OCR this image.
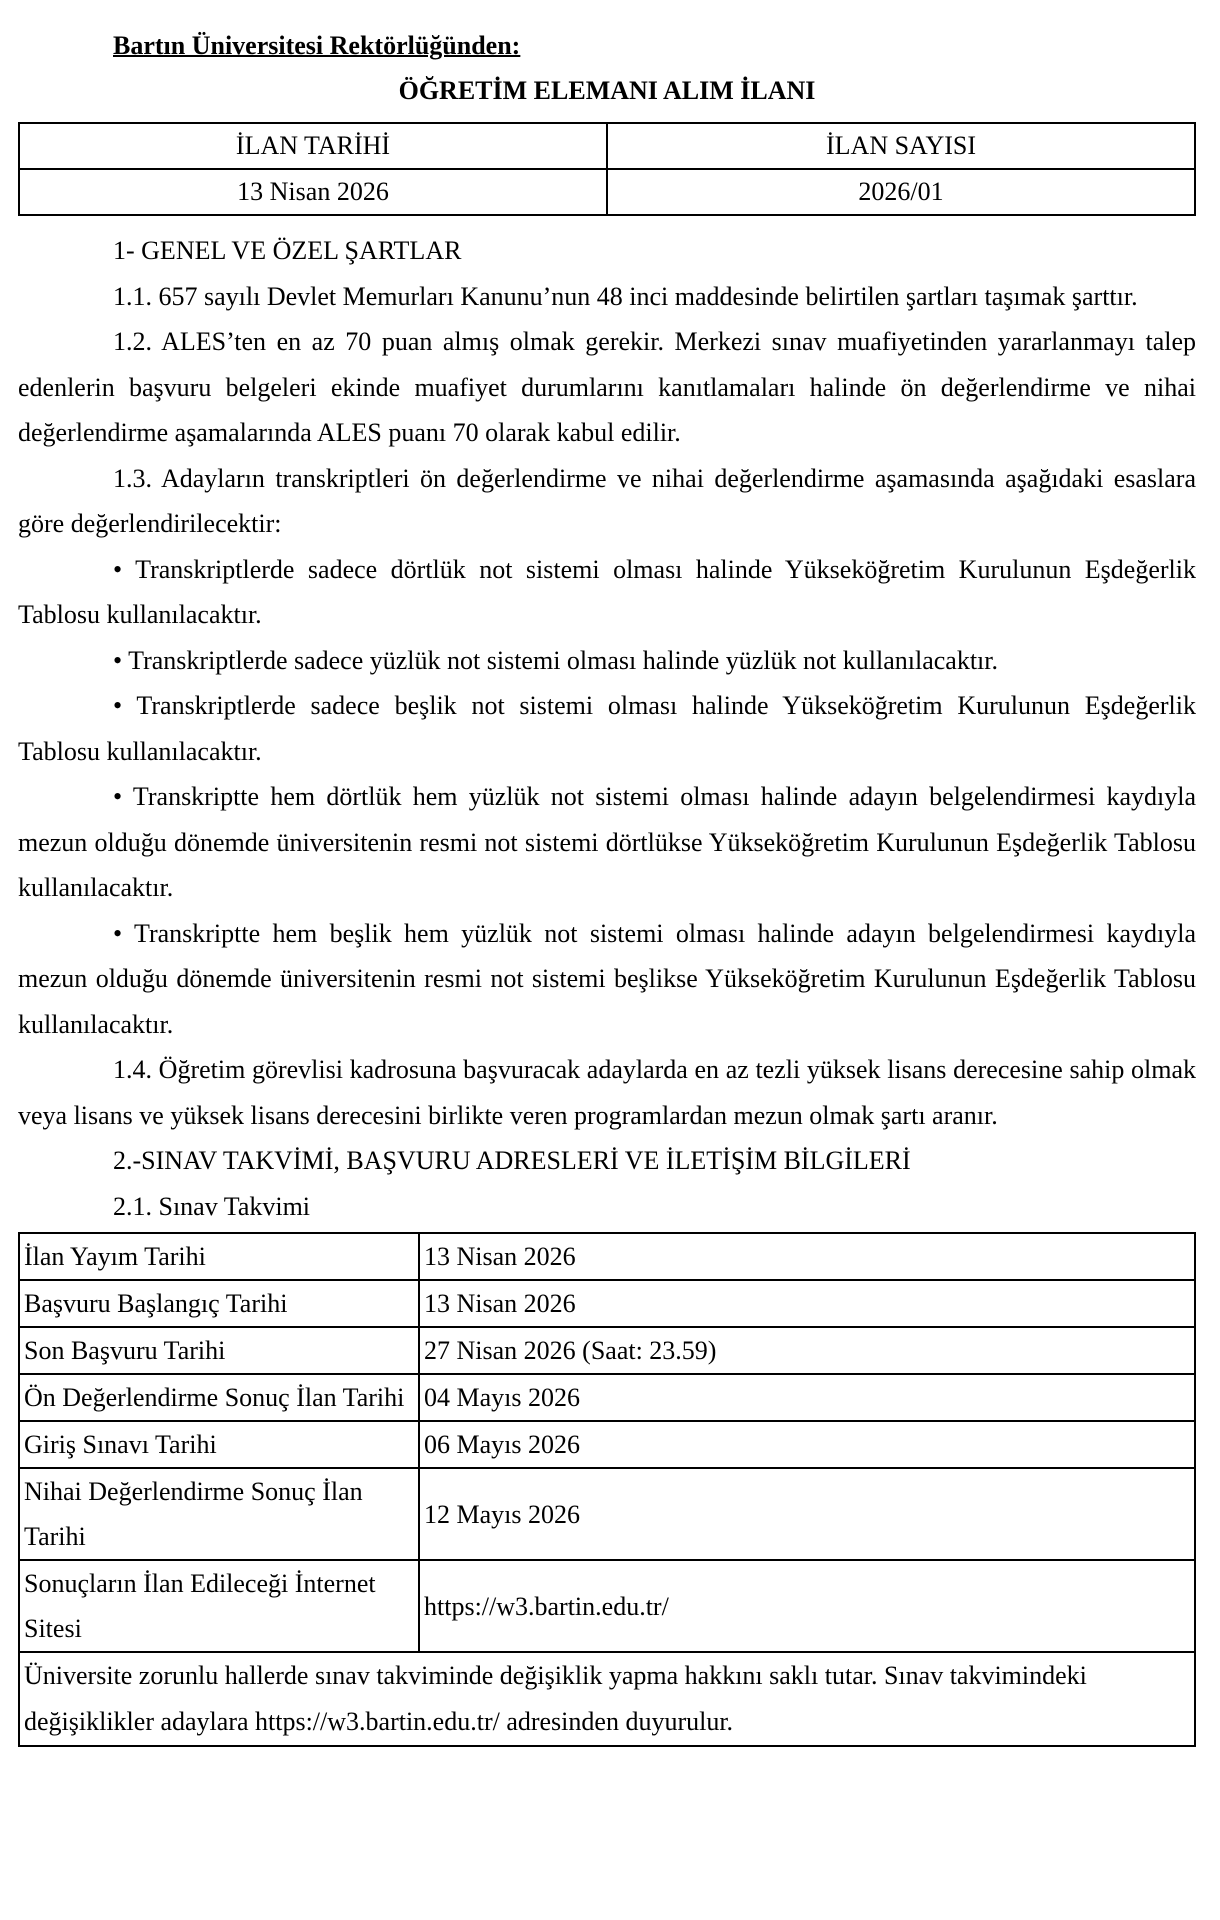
Bartın Üniversitesi Rektörlüğünden:
ÖĞRETİM ELEMANI ALIM İLANI
İLAN TARİHİ	İLAN SAYISI
13 Nisan 2026	2026/01

1- GENEL VE ÖZEL ŞARTLAR

1.1. 657 sayılı Devlet Memurları Kanunu’nun 48 inci maddesinde belirtilen şartları taşımak şarttır.

1.2. ALES’ten en az 70 puan almış olmak gerekir. Merkezi sınav muafiyetinden yararlanmayı talep edenlerin başvuru belgeleri ekinde muafiyet durumlarını kanıtlamaları halinde ön değerlendirme ve nihai değerlendirme aşamalarında ALES puanı 70 olarak kabul edilir.

1.3. Adayların transkriptleri ön değerlendirme ve nihai değerlendirme aşamasında aşağıdaki esaslara göre değerlendirilecektir:

• Transkriptlerde sadece dörtlük not sistemi olması halinde Yükseköğretim Kurulunun Eşdeğerlik Tablosu kullanılacaktır.

• Transkriptlerde sadece yüzlük not sistemi olması halinde yüzlük not kullanılacaktır.

• Transkriptlerde sadece beşlik not sistemi olması halinde Yükseköğretim Kurulunun Eşdeğerlik Tablosu kullanılacaktır.

• Transkriptte hem dörtlük hem yüzlük not sistemi olması halinde adayın belgelendirmesi kaydıyla mezun olduğu dönemde üniversitenin resmi not sistemi dörtlükse Yükseköğretim Kurulunun Eşdeğerlik Tablosu kullanılacaktır.

• Transkriptte hem beşlik hem yüzlük not sistemi olması halinde adayın belgelendirmesi kaydıyla mezun olduğu dönemde üniversitenin resmi not sistemi beşlikse Yükseköğretim Kurulunun Eşdeğerlik Tablosu kullanılacaktır.

1.4. Öğretim görevlisi kadrosuna başvuracak adaylarda en az tezli yüksek lisans derecesine sahip olmak veya lisans ve yüksek lisans derecesini birlikte veren programlardan mezun olmak şartı aranır.

2.-SINAV TAKVİMİ, BAŞVURU ADRESLERİ VE İLETİŞİM BİLGİLERİ

2.1. Sınav Takvimi

İlan Yayım Tarihi	13 Nisan 2026
Başvuru Başlangıç Tarihi	13 Nisan 2026
Son Başvuru Tarihi	27 Nisan 2026 (Saat: 23.59)
Ön Değerlendirme Sonuç İlan Tarihi	04 Mayıs 2026
Giriş Sınavı Tarihi	06 Mayıs 2026
Nihai Değerlendirme Sonuç İlan Tarihi	12 Mayıs 2026
Sonuçların İlan Edileceği İnternet Sitesi	https://w3.bartin.edu.tr/
Üniversite zorunlu hallerde sınav takviminde değişiklik yapma hakkını saklı tutar. Sınav takvimindeki değişiklikler adaylara https://w3.bartin.edu.tr/ adresinden duyurulur.	
